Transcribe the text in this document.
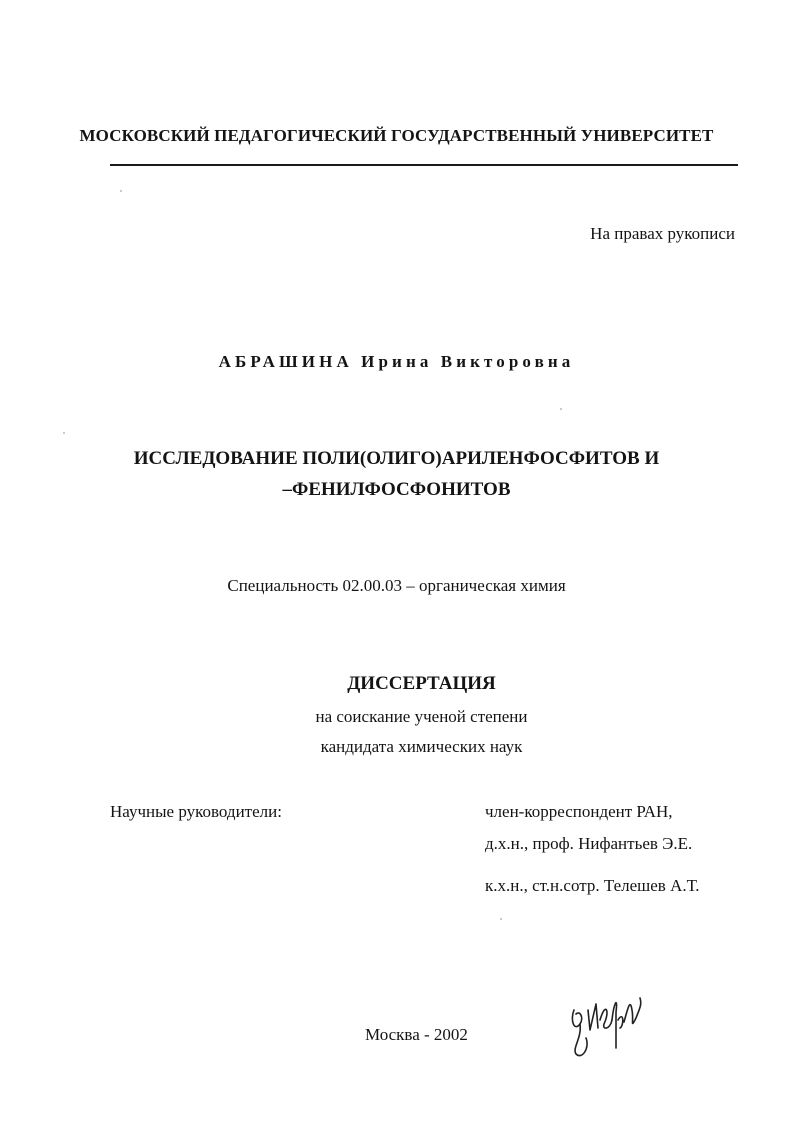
МОСКОВСКИЙ ПЕДАГОГИЧЕСКИЙ ГОСУДАРСТВЕННЫЙ УНИВЕРСИТЕТ
На правах рукописи
АБРАШИНА Ирина Викторовна
ИССЛЕДОВАНИЕ ПОЛИ(ОЛИГО)АРИЛЕНФОСФИТОВ И
–ФЕНИЛФОСФОНИТОВ
Специальность 02.00.03 – органическая химия
ДИССЕРТАЦИЯ
на соискание ученой степени
кандидата химических наук
Научные руководители:	член-корреспондент РАН,
д.х.н., проф. Нифантьев Э.Е.
к.х.н., ст.н.сотр. Телешев А.Т.
Москва - 2002
